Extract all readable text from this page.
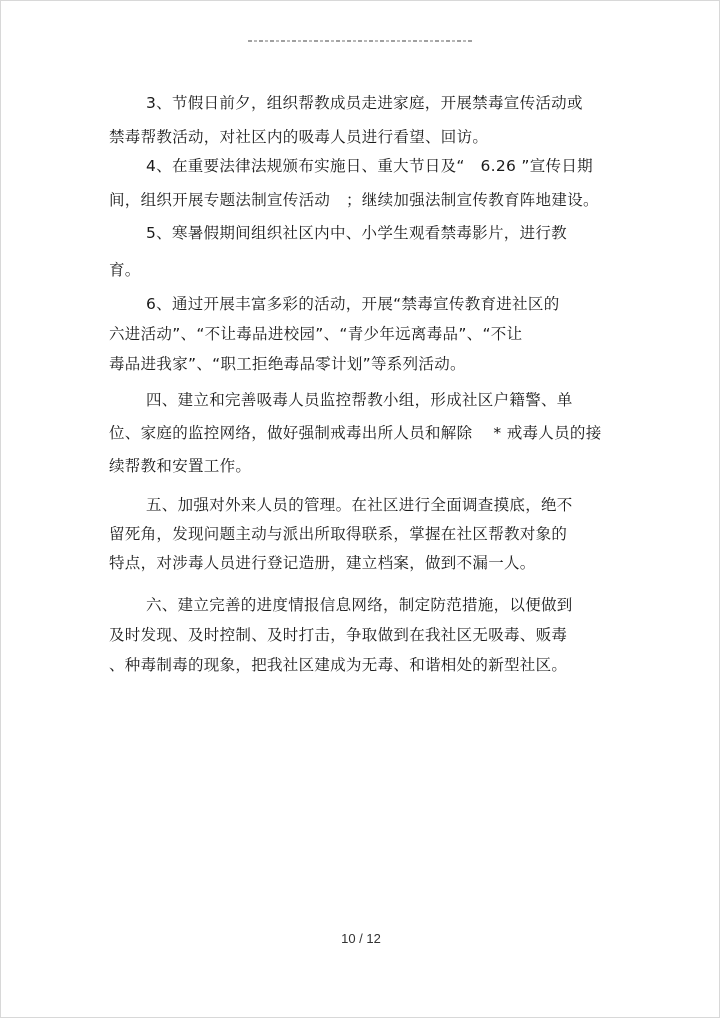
3、节假日前夕，组织帮教成员走进家庭，开展禁毒宣传活动或
禁毒帮教活动，对社区内的吸毒人员进行看望、回访。
4、在重要法律法规颁布实施日、重大节日及“　6.26 ”宣传日期
间，组织开展专题法制宣传活动　；继续加强法制宣传教育阵地建设。
5、寒暑假期间组织社区内中、小学生观看禁毒影片，进行教
育。
6、通过开展丰富多彩的活动，开展“禁毒宣传教育进社区的
六进活动”、“不让毒品进校园”、“青少年远离毒品”、“不让
毒品进我家”、“职工拒绝毒品零计划”等系列活动。
四、建立和完善吸毒人员监控帮教小组，形成社区户籍警、单
位、家庭的监控网络，做好强制戒毒出所人员和解除　 * 戒毒人员的接
续帮教和安置工作。
五、加强对外来人员的管理。在社区进行全面调查摸底，绝不
留死角，发现问题主动与派出所取得联系，掌握在社区帮教对象的
特点，对涉毒人员进行登记造册，建立档案，做到不漏一人。
六、建立完善的进度情报信息网络，制定防范措施，以便做到
及时发现、及时控制、及时打击，争取做到在我社区无吸毒、贩毒
、种毒制毒的现象，把我社区建成为无毒、和谐相处的新型社区。
10 / 12
